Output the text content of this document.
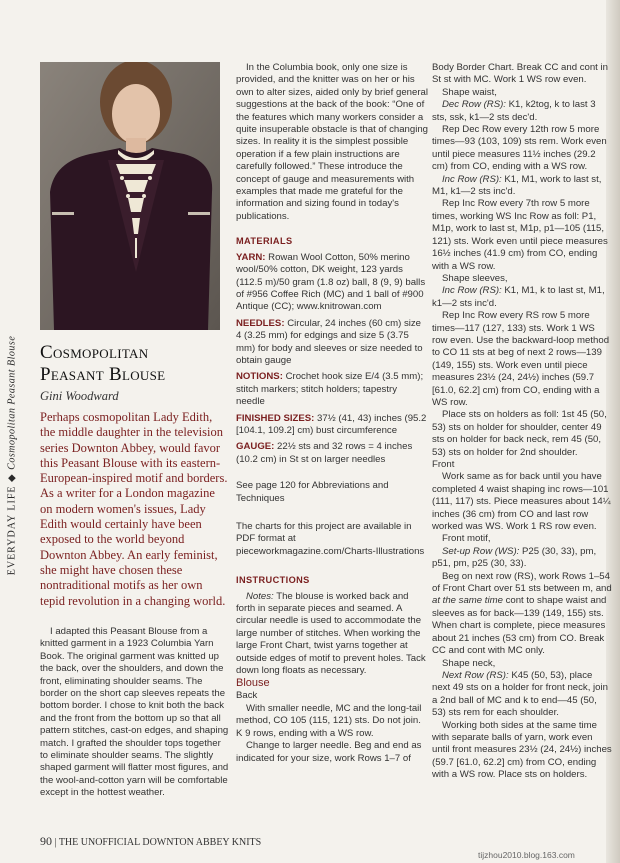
EVERYDAY LIFE ◆ Cosmopolitan Peasant Blouse Cosmopolitan
Peasant Blouse
Gini Woodward
Perhaps cosmopolitan Lady Edith, the middle daughter in the television series Downton Abbey, would favor this Peasant Blouse with its eastern-European-inspired motif and borders. As a writer for a London magazine on modern women's issues, Lady Edith would certainly have been exposed to the world beyond Downton Abbey. An early feminist, she might have chosen these nontraditional motifs as her own tepid revolution in a changing world.

I adapted this Peasant Blouse from a knitted garment in a 1923 Columbia Yarn Book. The original garment was knitted up the back, over the shoulders, and down the front, eliminating shoulder seams. The border on the short cap sleeves repeats the bottom border. I chose to knit both the back and the front from the bottom up so that all pattern stitches, cast-on edges, and shaping match. I grafted the shoulder tops together to eliminate shoulder seams. The slightly shaped garment will flatter most figures, and the wool-and-cotton yarn will be comfortable except in the hottest weather.

In the Columbia book, only one size is provided, and the knitter was on her or his own to alter sizes, aided only by brief general suggestions at the back of the book: “One of the features which many workers consider a quite insuperable obstacle is that of changing sizes. In reality it is the simplest possible operation if a few plain instructions are carefully followed.” These introduce the concept of gauge and measurements with examples that made me grateful for the information and sizing found in today's publications.

MATERIALS

YARN: Rowan Wool Cotton, 50% merino wool/50% cotton, DK weight, 123 yards (112.5 m)/50 gram (1.8 oz) ball, 8 (9, 9) balls of #956 Coffee Rich (MC) and 1 ball of #900 Antique (CC); www.knitrowan.com

NEEDLES: Circular, 24 inches (60 cm) size 4 (3.25 mm) for edgings and size 5 (3.75 mm) for body and sleeves or size needed to obtain gauge

NOTIONS: Crochet hook size E/4 (3.5 mm); stitch markers; stitch holders; tapestry needle

FINISHED SIZES: 37½ (41, 43) inches (95.2 [104.1, 109.2] cm) bust circumference

GAUGE: 22½ sts and 32 rows = 4 inches (10.2 cm) in St st on larger needles

See page 120 for Abbreviations and Techniques

The charts for this project are available in PDF format at pieceworkmagazine.com/Charts-Illustrations

INSTRUCTIONS

Notes: The blouse is worked back and forth in separate pieces and seamed. A circular needle is used to accommodate the large number of stitches. When working the large Front Chart, twist yarns together at outside edges of motif to prevent holes. Tack down long floats as necessary.

Blouse

Back

With smaller needle, MC and the long-tail method, CO 105 (115, 121) sts. Do not join. K 9 rows, ending with a WS row.

Change to larger needle. Beg and end as indicated for your size, work Rows 1–7 of

Body Border Chart. Break CC and cont in St st with MC. Work 1 WS row even.

Shape waist,

Dec Row (RS): K1, k2tog, k to last 3 sts, ssk, k1—2 sts dec'd.

Rep Dec Row every 12th row 5 more times—93 (103, 109) sts rem. Work even until piece measures 11½ inches (29.2 cm) from CO, ending with a WS row.

Inc Row (RS): K1, M1, work to last st, M1, k1—2 sts inc'd.

Rep Inc Row every 7th row 5 more times, working WS Inc Row as foll: P1, M1p, work to last st, M1p, p1—105 (115, 121) sts. Work even until piece measures 16½ inches (41.9 cm) from CO, ending with a WS row.

Shape sleeves,

Inc Row (RS): K1, M1, k to last st, M1, k1—2 sts inc'd.

Rep Inc Row every RS row 5 more times—117 (127, 133) sts. Work 1 WS row even. Use the backward-loop method to CO 11 sts at beg of next 2 rows—139 (149, 155) sts. Work even until piece measures 23½ (24, 24½) inches (59.7 [61.0, 62.2] cm) from CO, ending with a WS row.

Place sts on holders as foll: 1st 45 (50, 53) sts on holder for shoulder, center 49 sts on holder for back neck, rem 45 (50, 53) sts on holder for 2nd shoulder.

Front

Work same as for back until you have completed 4 waist shaping inc rows—101 (111, 117) sts. Piece measures about 14¼ inches (36 cm) from CO and last row worked was WS. Work 1 RS row even.

Front motif,

Set-up Row (WS): P25 (30, 33), pm, p51, pm, p25 (30, 33).

Beg on next row (RS), work Rows 1–54 of Front Chart over 51 sts between m, and at the same time cont to shape waist and sleeves as for back—139 (149, 155) sts. When chart is complete, piece measures about 21 inches (53 cm) from CO. Break CC and cont with MC only.

Shape neck,

Next Row (RS): K45 (50, 53), place next 49 sts on a holder for front neck, join a 2nd ball of MC and k to end—45 (50, 53) sts rem for each shoulder.

Working both sides at the same time with separate balls of yarn, work even until front measures 23½ (24, 24½) inches (59.7 [61.0, 62.2] cm) from CO, ending with a WS row. Place sts on holders.

90 | THE UNOFFICIAL DOWNTON ABBEY KNITS
tijzhou2010.blog.163.com
